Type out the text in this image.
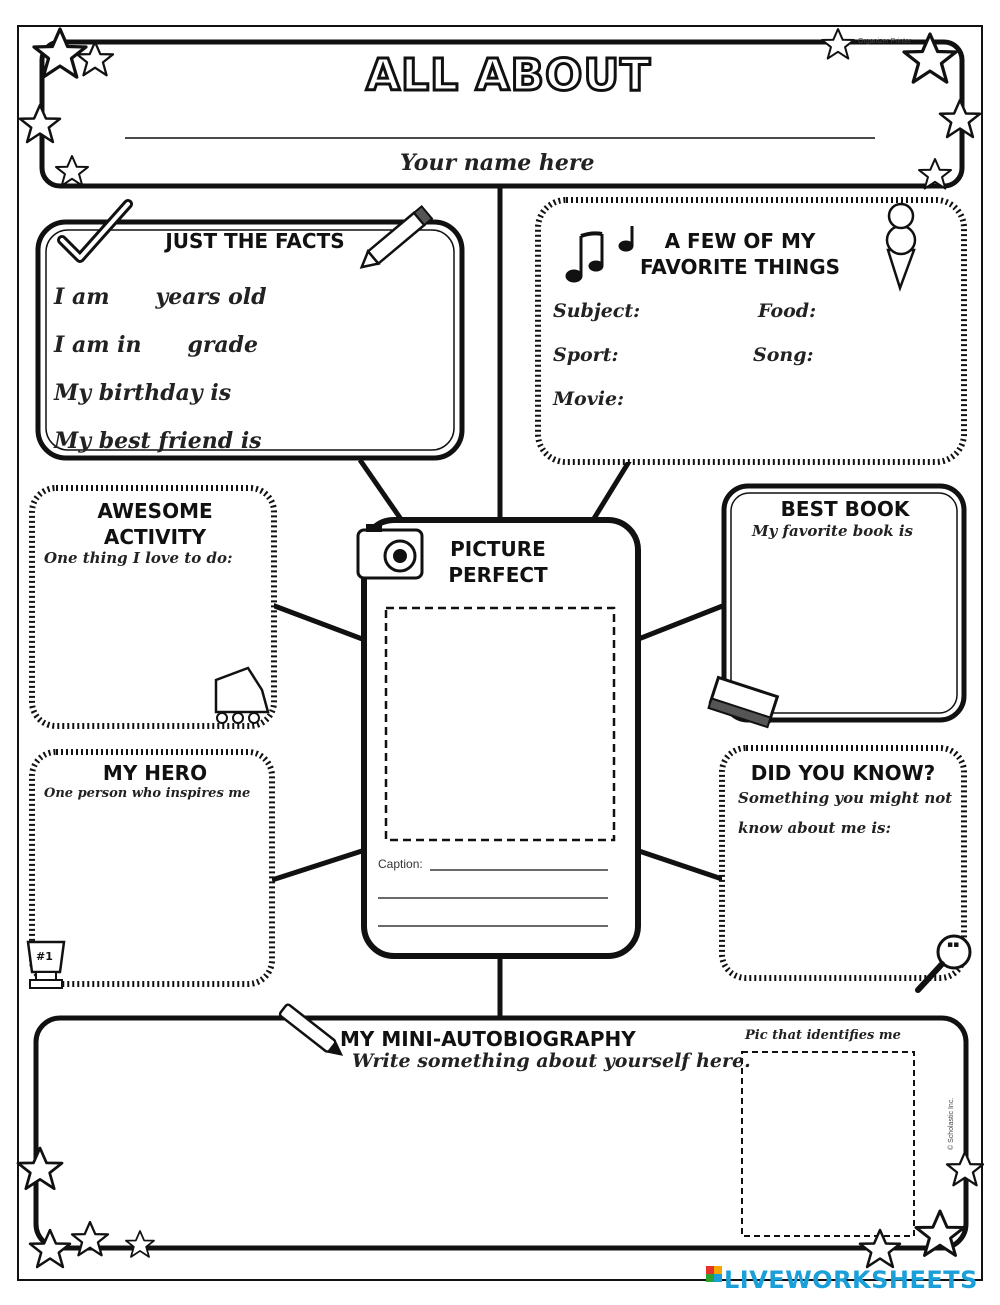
ALL ABOUT
Your name here
Organizer Printer
JUST THE FACTS
I am      years old
I am in      grade
My birthday is
My best friend is
A FEW OF MY
FAVORITE THINGS
Subject:	Food:
Sport:	Song:
Movie:
AWESOME
ACTIVITY
One thing I love to do:	PICTURE
PERFECT
Caption:
BEST BOOK
My favorite book is
MY HERO
One person who inspires me
DID YOU KNOW?
Something you might not
know about me is:
▪▪
#1
MY MINI-AUTOBIOGRAPHY
Write something about yourself here.
Pic that identifies me
© Scholastic Inc.
LIVEWORKSHEETS
